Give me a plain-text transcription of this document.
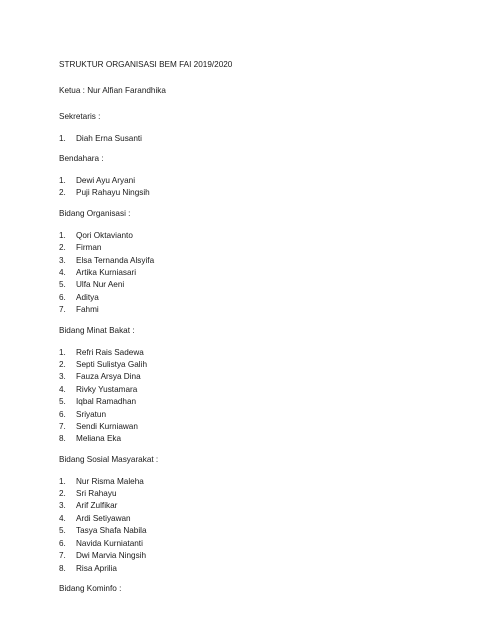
STRUKTUR ORGANISASI BEM FAI 2019/2020

Ketua : Nur Alfian Farandhika

Sekretaris :

1. Diah Erna Susanti

Bendahara :

1. Dewi Ayu Aryani
2. Puji Rahayu Ningsih

Bidang Organisasi :

1. Qori Oktavianto
2. Firman
3. Elsa Ternanda Alsyifa
4. Artika Kurniasari
5. Ulfa Nur Aeni
6. Aditya
7. Fahmi

Bidang Minat Bakat :

1. Refri Rais Sadewa
2. Septi Sulistya Galih
3. Fauza Arsya Dina
4. Rivky Yustamara
5. Iqbal Ramadhan
6. Sriyatun
7. Sendi Kurniawan
8. Meliana Eka

Bidang Sosial Masyarakat :

1. Nur Risma Maleha
2. Sri Rahayu
3. Arif Zulfikar
4. Ardi Setiyawan
5. Tasya Shafa Nabila
6. Navida Kurniatanti
7. Dwi Marvia Ningsih
8. Risa Aprilia

Bidang Kominfo :
